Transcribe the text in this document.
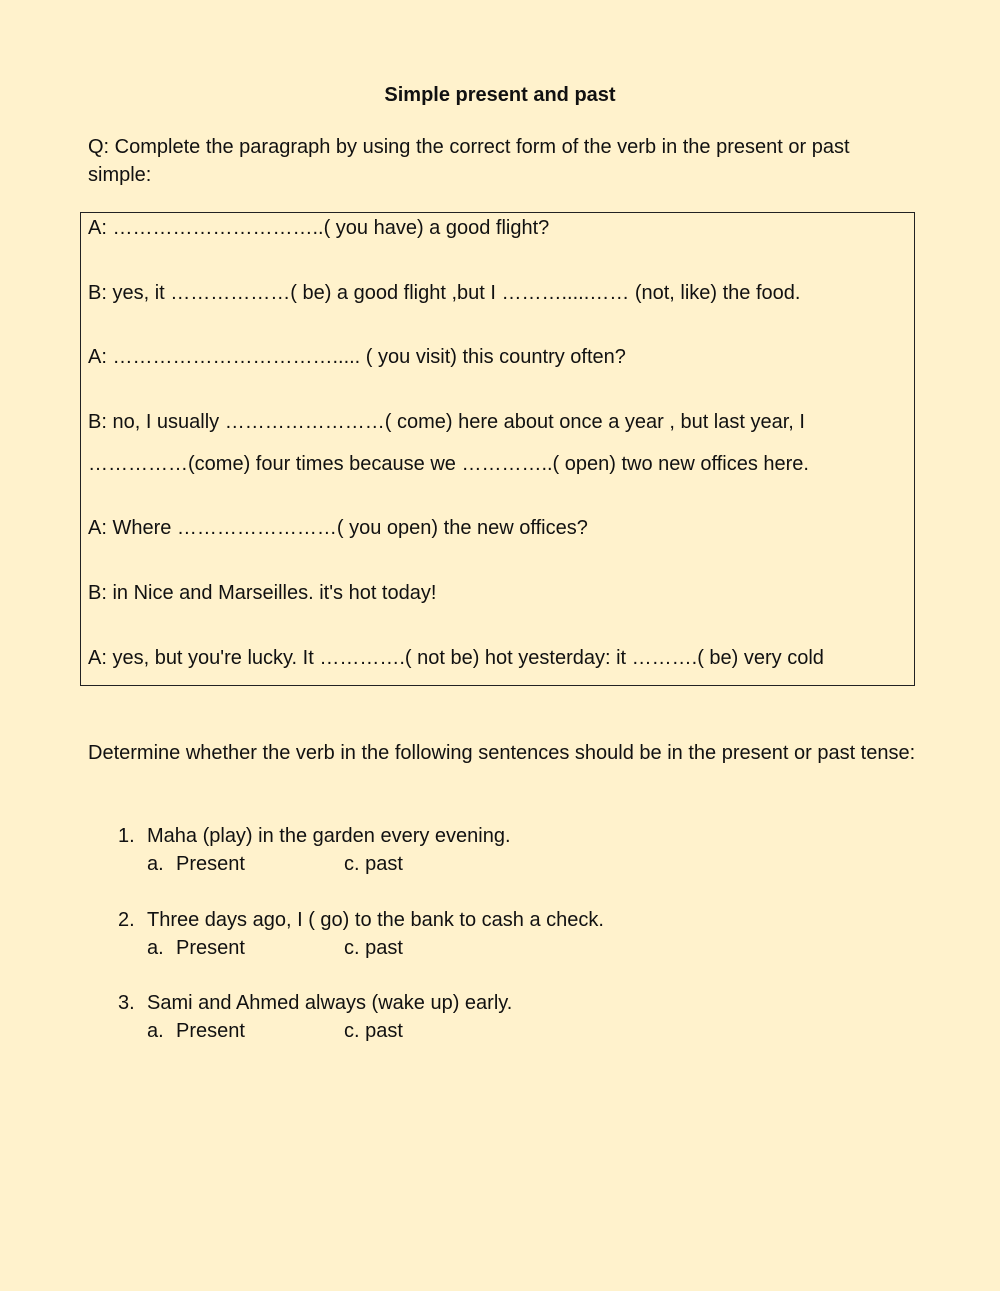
Simple present and past
Q: Complete the paragraph by using the correct form of the verb in the present or past simple:
A: …………………………..( you have) a good flight?
B: yes, it ………………( be) a good flight ,but I ……….....…… (not, like) the food.
A: ……………………………..... ( you visit) this country often?
B: no, I usually ……………………( come) here about once a year , but last year, I
……………(come) four times because we …………..( open) two new offices here.
A: Where ……………………( you open) the new offices?
B: in Nice and Marseilles. it's hot today!
A: yes, but you're lucky. It ………….( not be) hot yesterday: it ……….( be) very cold
Determine whether the verb in the following sentences should be in the present or past tense:
1. Maha (play) in the garden every evening.
a. Present	c. past
2. Three days ago, I ( go) to the bank to cash a check.
a. Present	c. past
3. Sami and Ahmed always (wake up) early.
a. Present	c. past
